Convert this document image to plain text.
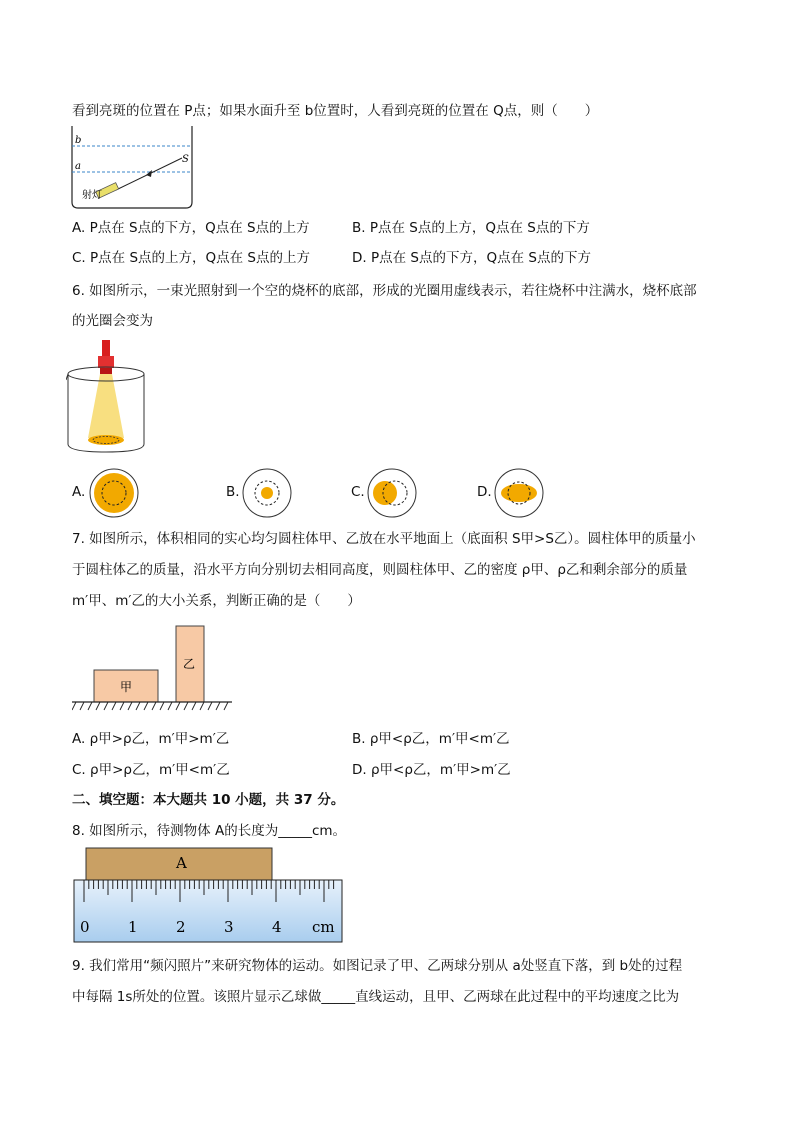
看到亮斑的位置在 P点；如果水面升至 b位置时，人看到亮斑的位置在 Q点，则（　　）
b
a
S
射灯
A. P点在 S点的下方，Q点在 S点的上方	B. P点在 S点的上方，Q点在 S点的下方
C. P点在 S点的上方，Q点在 S点的上方	D. P点在 S点的下方，Q点在 S点的下方
6. 如图所示，一束光照射到一个空的烧杯的底部，形成的光圈用虚线表示，若往烧杯中注满水，烧杯底部
的光圈会变为
A.	B.	C.	D.
7. 如图所示，体积相同的实心均匀圆柱体甲、乙放在水平地面上（底面积 S甲>S乙）。圆柱体甲的质量小
于圆柱体乙的质量，沿水平方向分别切去相同高度，则圆柱体甲、乙的密度 ρ甲、ρ乙和剩余部分的质量
m′甲、m′乙的大小关系，判断正确的是（　　）
甲
乙
A. ρ甲>ρ乙，m′甲>m′乙	B. ρ甲<ρ乙，m′甲<m′乙
C. ρ甲>ρ乙，m′甲<m′乙	D. ρ甲<ρ乙，m′甲>m′乙
二、填空题：本大题共 10 小题，共 37 分。
8. 如图所示，待测物体 A的长度为_____cm。
A
0	1	2	3	4 cm
9. 我们常用“频闪照片”来研究物体的运动。如图记录了甲、乙两球分别从 a处竖直下落，到 b处的过程
中每隔 1s所处的位置。该照片显示乙球做_____直线运动，且甲、乙两球在此过程中的平均速度之比为
